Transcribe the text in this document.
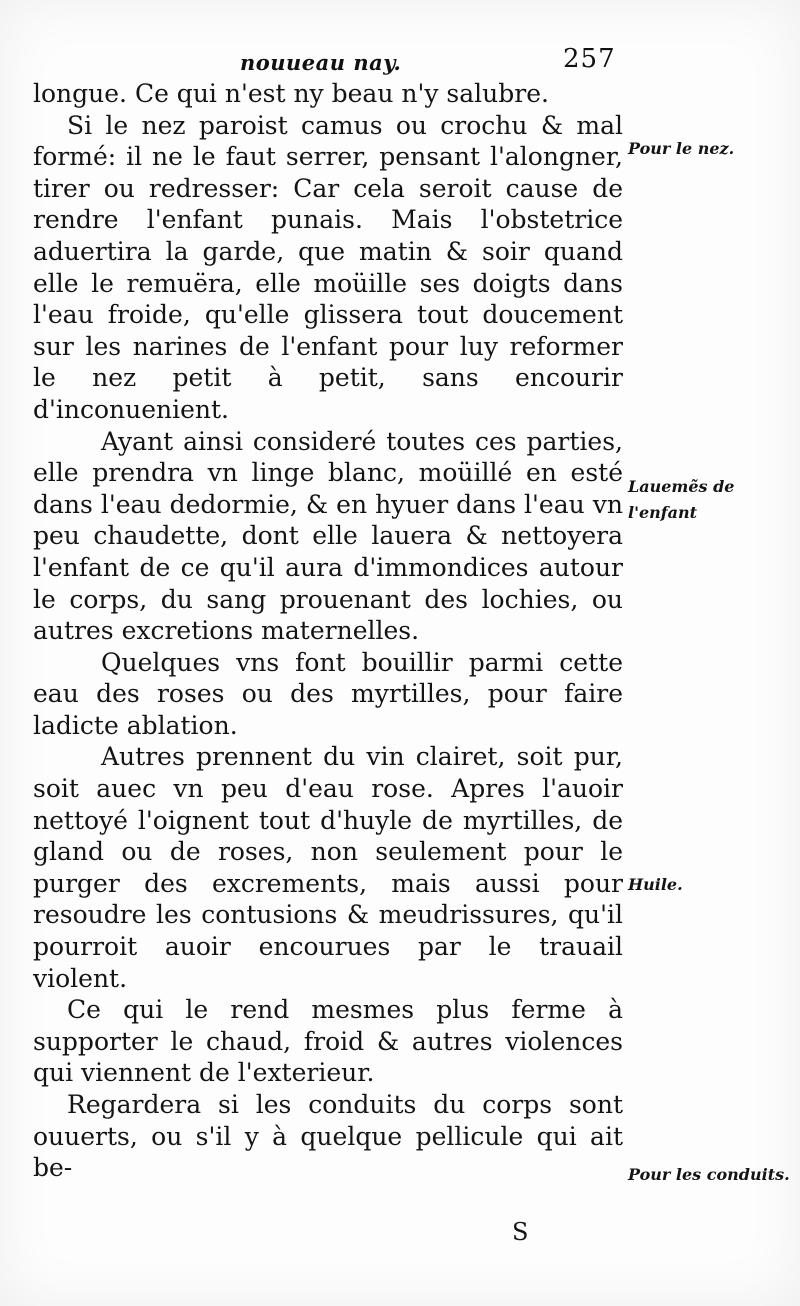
nouueau nay.	257

longue. Ce qui n'est ny beau n'y salubre.

Si le nez paroist camus ou crochu & mal formé: il ne le faut serrer, pensant l'alongner, tirer ou redresser: Car cela seroit cause de rendre l'enfant punais. Mais l'obstetrice aduertira la garde, que matin & soir quand elle le remuëra, elle moüille ses doigts dans l'eau froide, qu'elle glissera tout doucement sur les narines de l'enfant pour luy reformer le nez petit à petit, sans encourir d'inconuenient.

Ayant ainsi consideré toutes ces parties, elle prendra vn linge blanc, moüillé en esté dans l'eau dedormie, & en hyuer dans l'eau vn peu chaudette, dont elle lauera & nettoyera l'enfant de ce qu'il aura d'immondices autour le corps, du sang prouenant des lochies, ou autres excretions maternelles.

Quelques vns font bouillir parmi cette eau des roses ou des myrtilles, pour faire ladicte ablation.

Autres prennent du vin clairet, soit pur, soit auec vn peu d'eau rose. Apres l'auoir nettoyé l'oignent tout d'huyle de myrtilles, de gland ou de roses, non seulement pour le purger des excrements, mais aussi pour resoudre les contusions & meudrissures, qu'il pourroit auoir encourues par le trauail violent.

Ce qui le rend mesmes plus ferme à supporter le chaud, froid & autres violences qui viennent de l'exterieur.

Regardera si les conduits du corps sont ouuerts, ou s'il y à quelque pellicule qui ait be-

Pour le nez.
Lauemẽs de l'enfant
Huile.
Pour les conduits.
S
